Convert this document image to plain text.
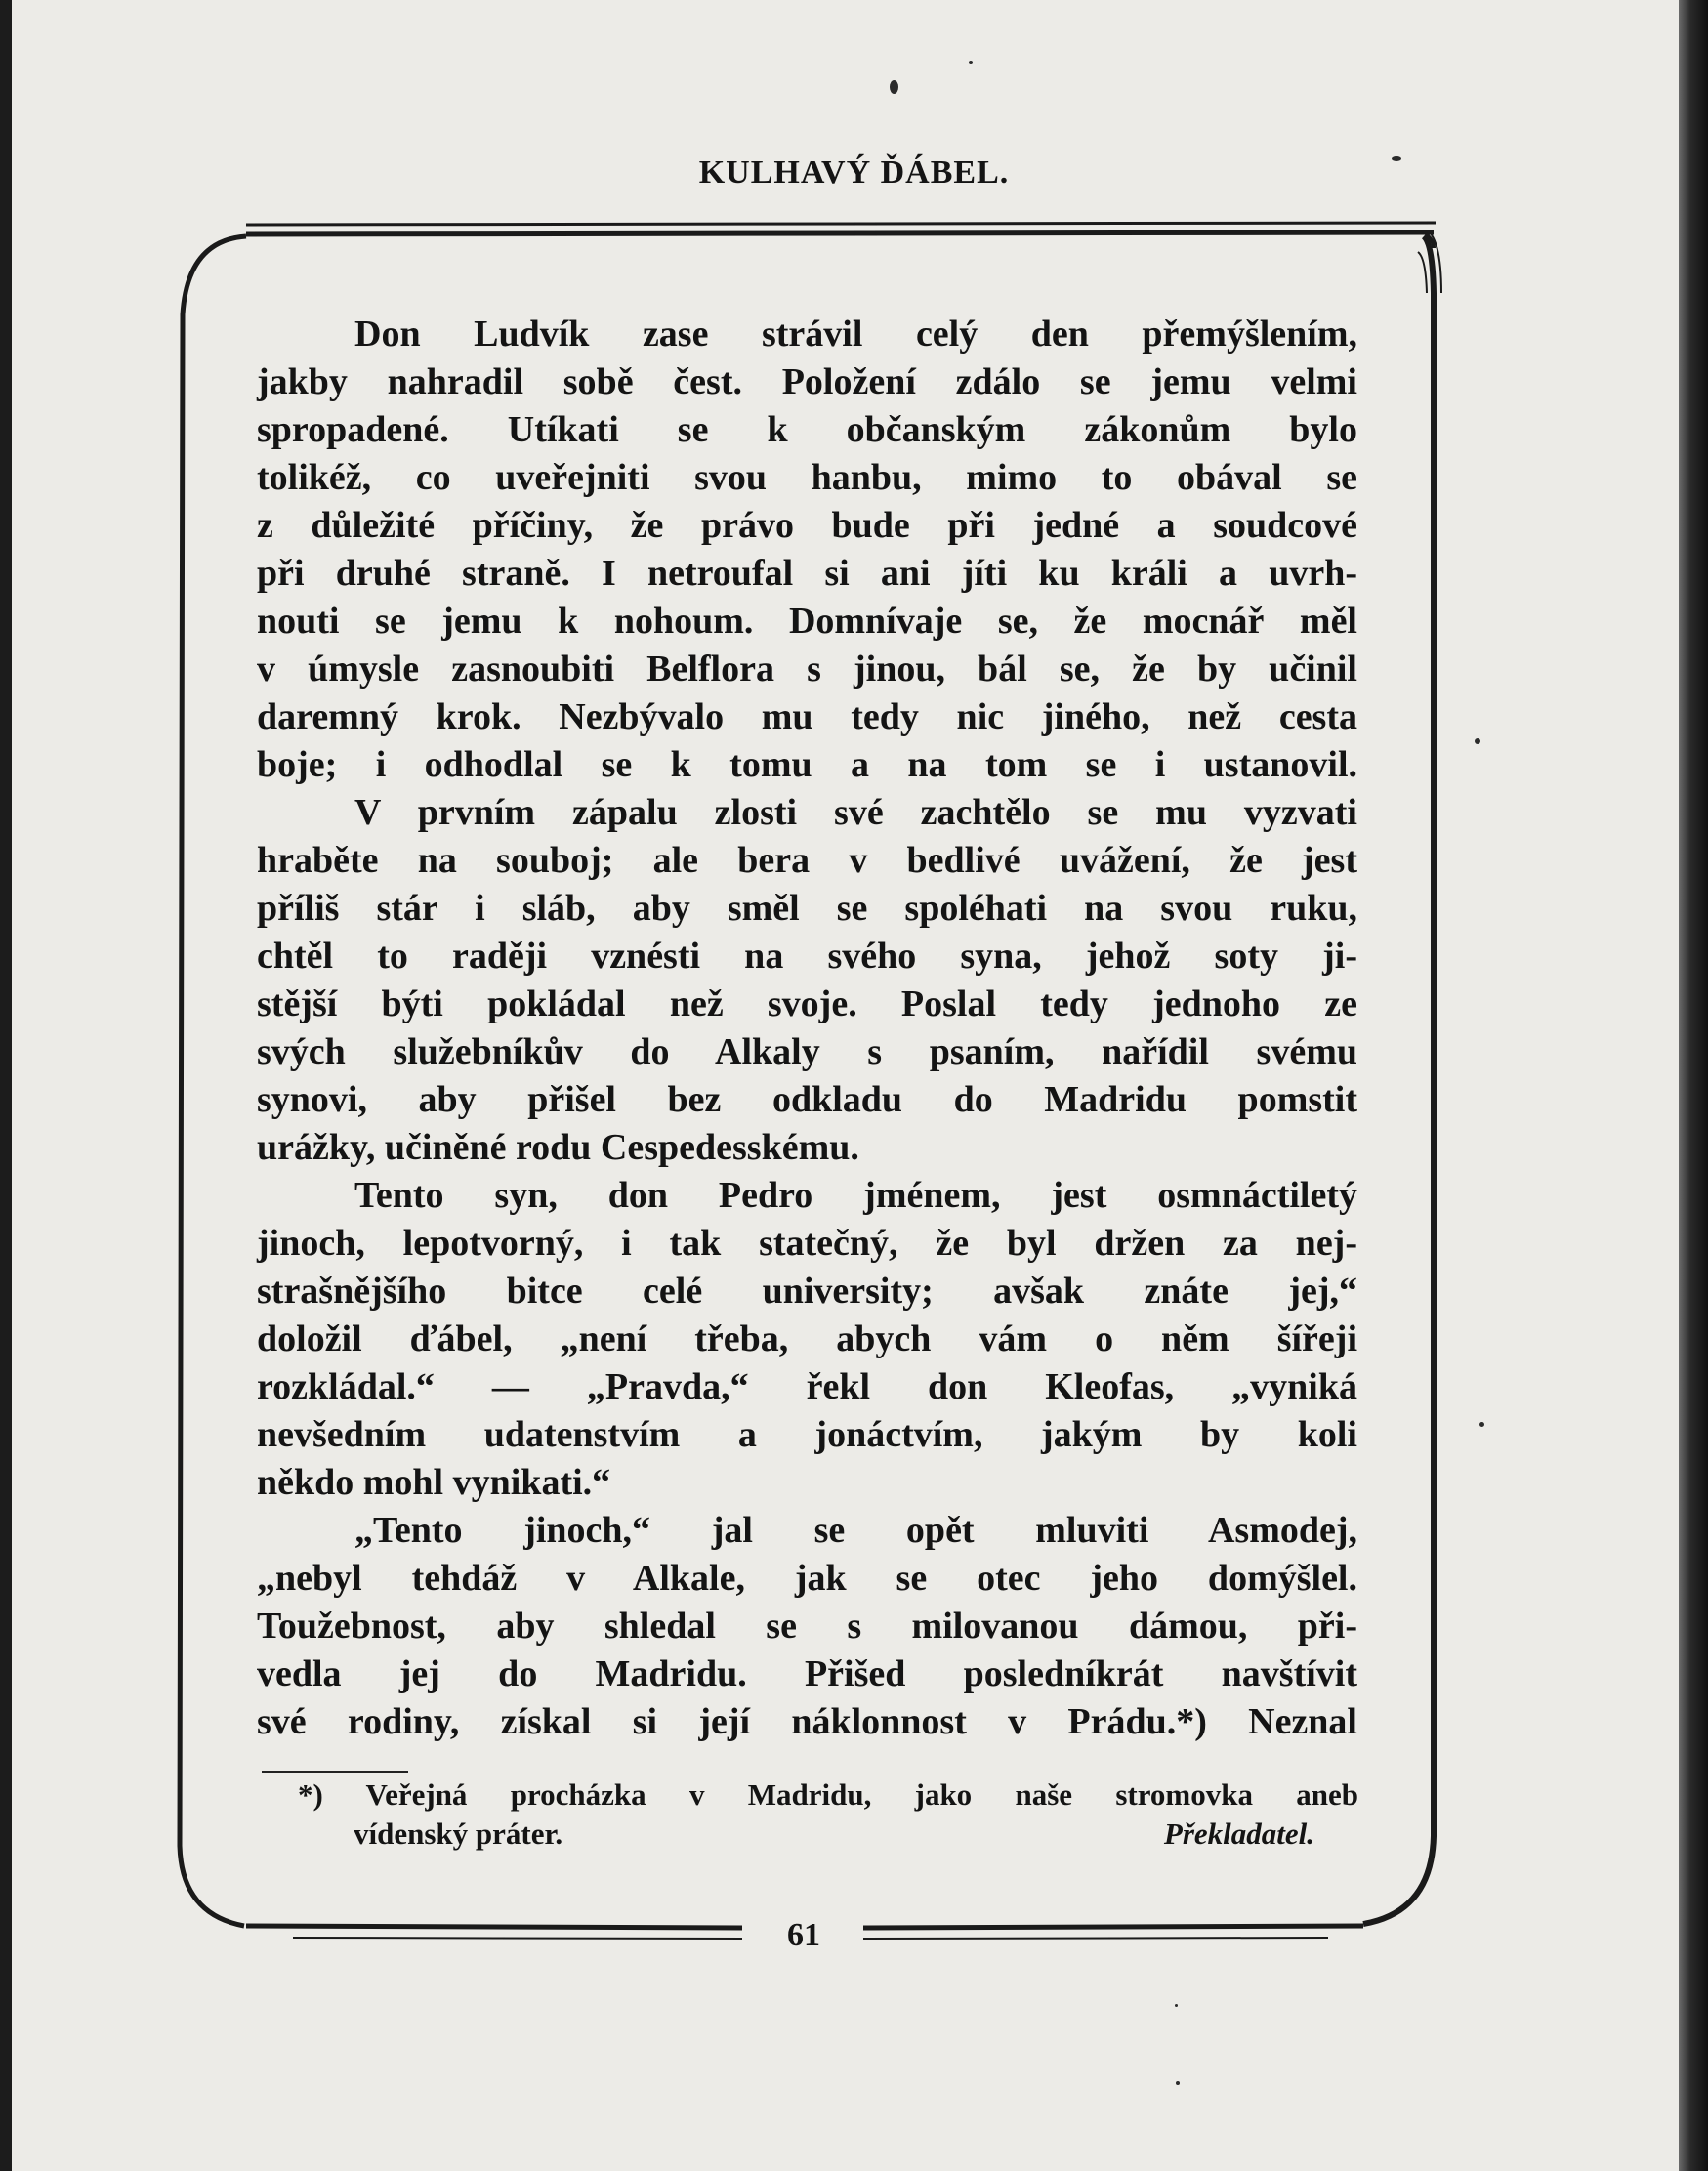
KULHAVÝ ĎÁBEL.
Don Ludvík zase strávil celý den přemýšlením,
jakby nahradil sobě čest. Položení zdálo se jemu velmi
spropadené. Utíkati se k občanským zákonům bylo
tolikéž, co uveřejniti svou hanbu, mimo to obával se
z důležité příčiny, že právo bude při jedné a soudcové
při druhé straně. I netroufal si ani jíti ku králi a uvrh-
nouti se jemu k nohoum. Domnívaje se, že mocnář měl
v úmysle zasnoubiti Belflora s jinou, bál se, že by učinil
daremný krok. Nezbývalo mu tedy nic jiného, než cesta
boje; i odhodlal se k tomu a na tom se i ustanovil.
V prvním zápalu zlosti své zachtělo se mu vyzvati
hraběte na souboj; ale bera v bedlivé uvážení, že jest
příliš stár i sláb, aby směl se spoléhati na svou ruku,
chtěl to raději vznésti na svého syna, jehož soty ji-
stější býti pokládal než svoje. Poslal tedy jednoho ze
svých služebníkův do Alkaly s psaním, nařídil svému
synovi, aby přišel bez odkladu do Madridu pomstit
urážky, učiněné rodu Cespedesskému.
Tento syn, don Pedro jménem, jest osmnáctiletý
jinoch, lepotvorný, i tak statečný, že byl držen za nej-
strašnějšího bitce celé university; avšak znáte jej,“
doložil ďábel, „není třeba, abych vám o něm šířeji
rozkládal.“ — „Pravda,“ řekl don Kleofas, „vyniká
nevšedním udatenstvím a jonáctvím, jakým by koli
někdo mohl vynikati.“
„Tento jinoch,“ jal se opět mluviti Asmodej,
„nebyl tehdáž v Alkale, jak se otec jeho domýšlel.
Toužebnost, aby shledal se s milovanou dámou, při-
vedla jej do Madridu. Přišed posledníkrát navštívit
své rodiny, získal si její náklonnost v Prádu.*) Neznal
*) Veřejná procházka v Madridu, jako naše stromovka aneb
vídenský práter.	Překladatel.
61
